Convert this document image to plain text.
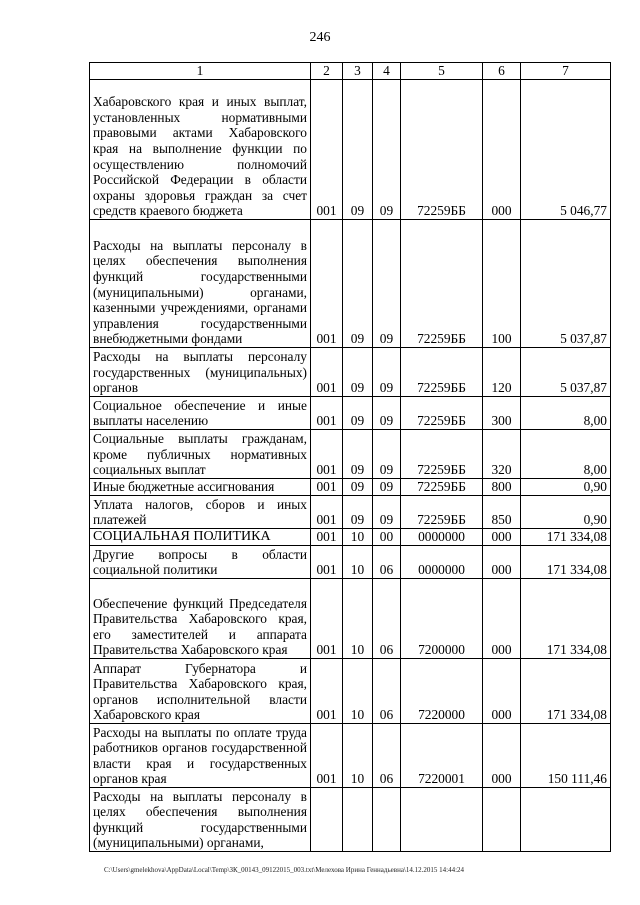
246
1	2	3	4	5	6	7
Хабаровского края и иных выплат, установленных нормативными правовыми актами Хабаровского края на выполнение функции по осуществлению полномочий Российской Федерации в области охраны здоровья граждан за счет средств краевого бюджета	001	09	09	72259ББ	000	5 046,77
Расходы на выплаты персоналу в целях обеспечения выполнения функций государственными (муниципальными) органами, казенными учреждениями, органами управления государственными внебюджетными фондами	001	09	09	72259ББ	100	5 037,87
Расходы на выплаты персоналу государственных (муниципальных) органов	001	09	09	72259ББ	120	5 037,87
Социальное обеспечение и иные выплаты населению	001	09	09	72259ББ	300	8,00
Социальные выплаты гражданам, кроме публичных нормативных социальных выплат	001	09	09	72259ББ	320	8,00
Иные бюджетные ассигнования	001	09	09	72259ББ	800	0,90
Уплата налогов, сборов и иных платежей	001	09	09	72259ББ	850	0,90
СОЦИАЛЬНАЯ ПОЛИТИКА	001	10	00	0000000	000	171 334,08
Другие вопросы в области социальной политики	001	10	06	0000000	000	171 334,08
Обеспечение функций Председателя Правительства Хабаровского края, его заместителей и аппарата Правительства Хабаровского края	001	10	06	7200000	000	171 334,08
Аппарат Губернатора и Правительства Хабаровского края, органов исполнительной власти Хабаровского края	001	10	06	7220000	000	171 334,08
Расходы на выплаты по оплате труда работников органов государственной власти края и государственных органов края	001	10	06	7220001	000	150 111,46
Расходы на выплаты персоналу в целях обеспечения выполнения функций государственными (муниципальными) органами,						
C:\Users\gmelekhova\AppData\Local\Temp\ЗК_00143_09122015_003.txt\Мелехова Ирина Геннадьевна\14.12.2015 14:44:24
